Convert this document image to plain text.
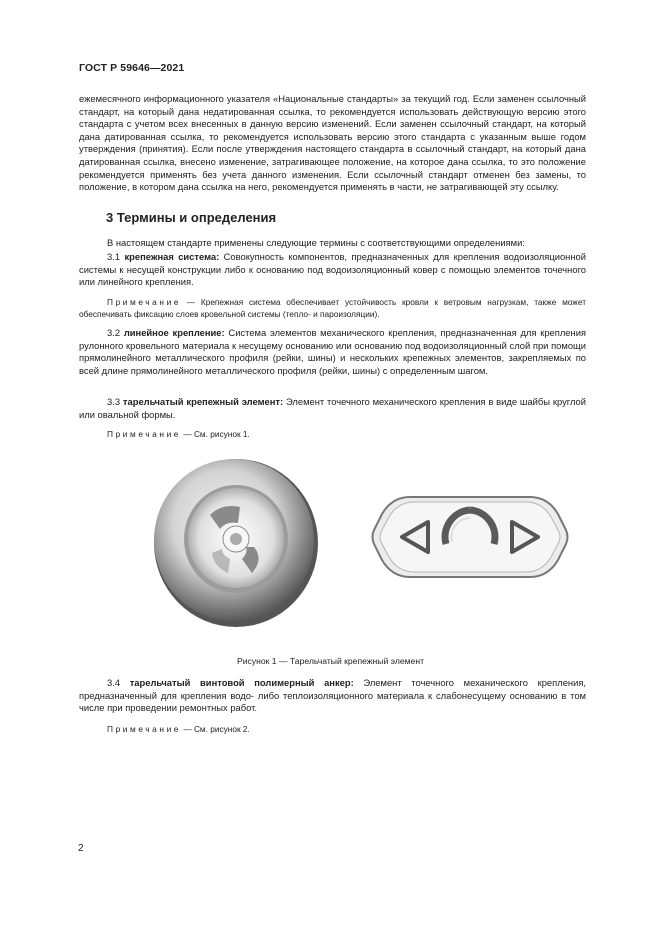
ГОСТ Р 59646—2021

ежемесячного информационного указателя «Национальные стандарты» за текущий год. Если заменен ссылочный стандарт, на который дана недатированная ссылка, то рекомендуется использовать действующую версию этого стандарта с учетом всех внесенных в данную версию изменений. Если заменен ссылочный стандарт, на который дана датированная ссылка, то рекомендуется использовать версию этого стандарта с указанным выше годом утверждения (принятия). Если после утверждения настоящего стандарта в ссылочный стандарт, на который дана датированная ссылка, внесено изменение, затрагивающее положение, на которое дана ссылка, то это положение рекомендуется применять без учета данного изменения. Если ссылочный стандарт отменен без замены, то положение, в котором дана ссылка на него, рекомендуется применять в части, не затрагивающей эту ссылку.

3 Термины и определения
В настоящем стандарте применены следующие термины с соответствующими определениями:
3.1 крепежная система: Совокупность компонентов, предназначенных для крепления водоизоляционной системы к несущей конструкции либо к основанию под водоизоляционный ковер с помощью элементов точечного или линейного крепления.
Примечание — Крепежная система обеспечивает устойчивость кровли к ветровым нагрузкам, также может обеспечивать фиксацию слоев кровельной системы (тепло- и пароизоляции).
3.2 линейное крепление: Система элементов механического крепления, предназначенная для крепления рулонного кровельного материала к несущему основанию или основанию под водоизоляционный слой при помощи прямолинейного металлического профиля (рейки, шины) и нескольких крепежных элементов, закрепляемых по всей длине прямолинейного металлического профиля (рейки, шины) с определенным шагом.
3.3 тарельчатый крепежный элемент: Элемент точечного механического крепления в виде шайбы круглой или овальной формы.
Примечание — См. рисунок 1.
Рисунок 1 — Тарельчатый крепежный элемент
3.4 тарельчатый винтовой полимерный анкер: Элемент точечного механического крепления, предназначенный для крепления водо- либо теплоизоляционного материала к слабонесущему основанию в том числе при проведении ремонтных работ.
Примечание — См. рисунок 2.
2
